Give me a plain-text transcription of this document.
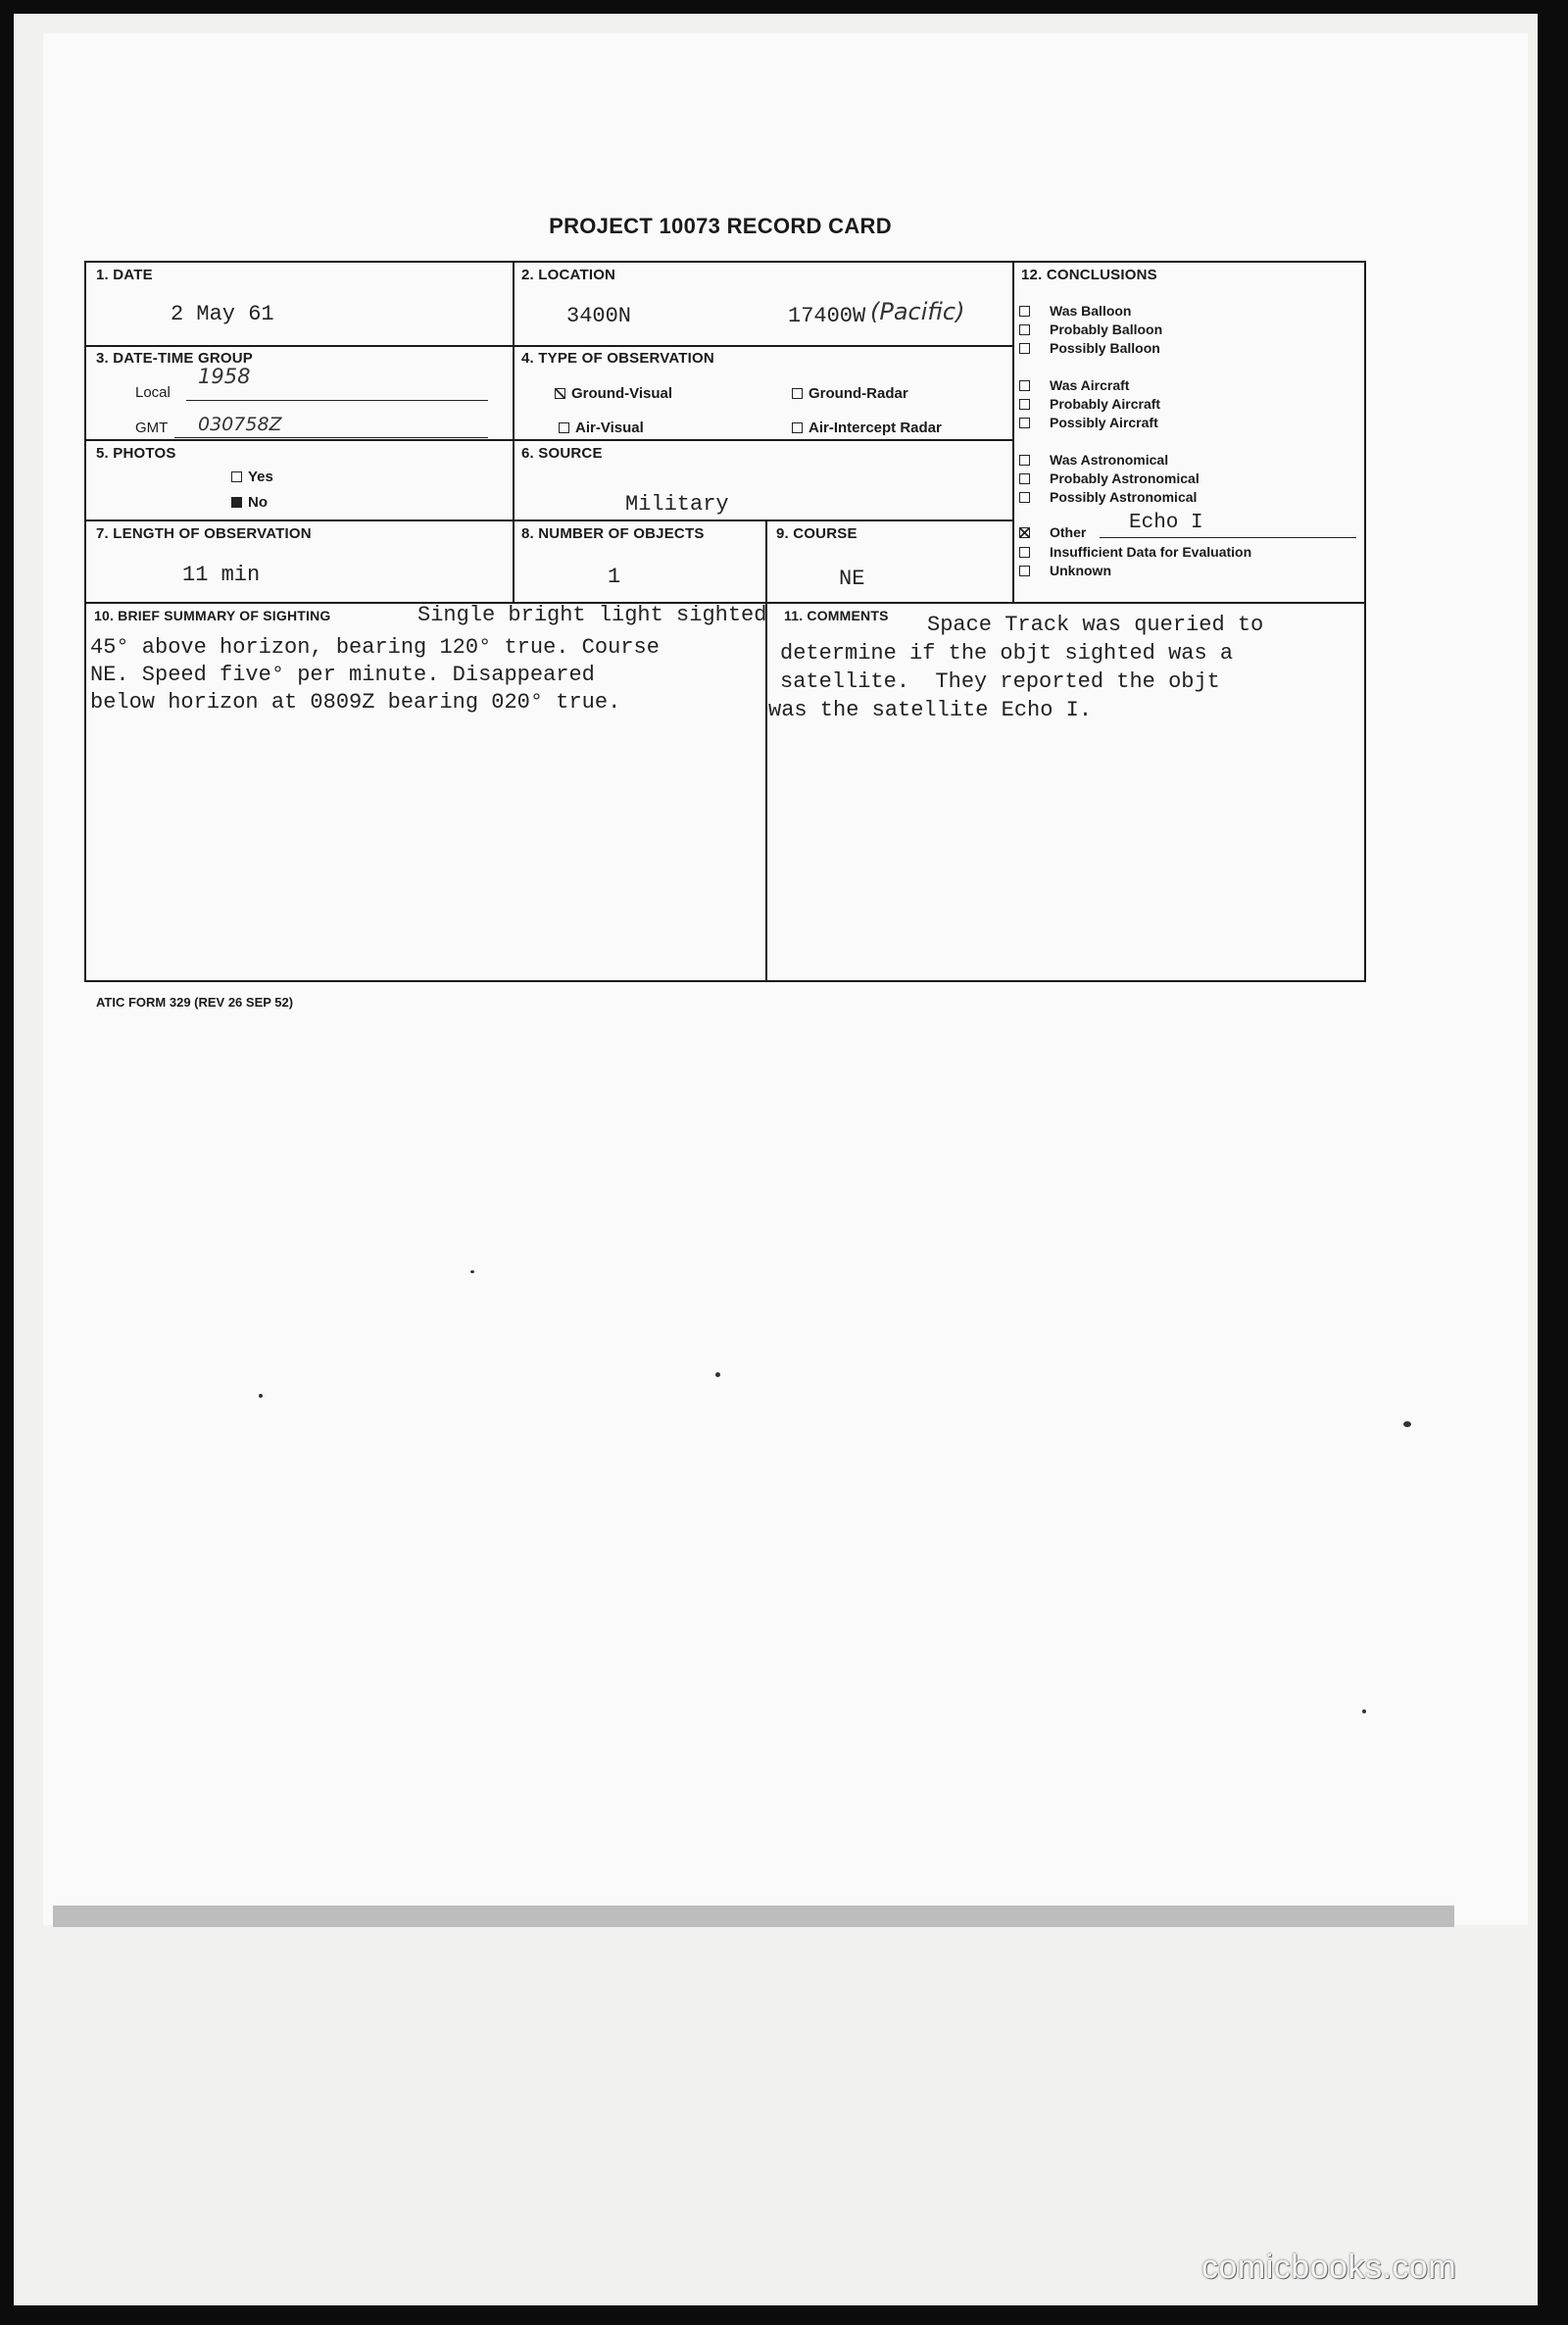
PROJECT 10073 RECORD CARD
1. DATE
2 May 61
2. LOCATION
3400N	17400W (Pacific)
3. DATE-TIME GROUP
Local
1958
GMT 030758Z
4. TYPE OF OBSERVATION
Ground-Visual	Ground-Radar
Air-Visual	Air-Intercept Radar
5. PHOTOS
Yes
No
6. SOURCE
Military
7. LENGTH OF OBSERVATION
11 min
8. NUMBER OF OBJECTS
1
9. COURSE
NE
12. CONCLUSIONS
Was Balloon
Probably Balloon
Possibly Balloon
Was Aircraft
Probably Aircraft
Possibly Aircraft
Was Astronomical
Probably Astronomical
Possibly Astronomical
Other Echo I
Insufficient Data for Evaluation
Unknown
10. BRIEF SUMMARY OF SIGHTING	Single bright light sighted
45° above horizon, bearing 120° true. Course
NE. Speed five° per minute. Disappeared
below horizon at 0809Z bearing 020° true.
11. COMMENTS Space Track was queried to
determine if the objt sighted was a
satellite.  They reported the objt
was the satellite Echo I.
ATIC FORM 329 (REV 26 SEP 52)
comicbooks.com
